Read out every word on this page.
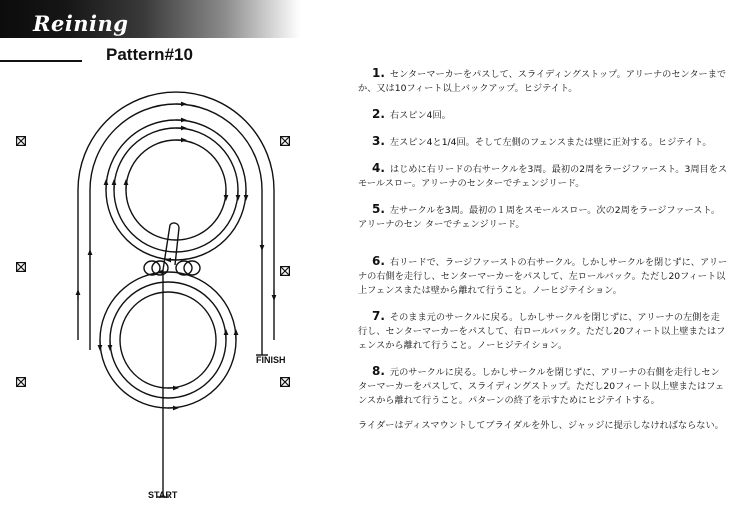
Reining
Pattern#10
FINISH
START
1. センターマーカーをパスして、スライディングストップ。アリーナのセンターまでか、又は10フィート以上バックアップ。ヒジテイト。
2. 右スピン4回。
3. 左スピン4と1/4回。そして左側のフェンスまたは壁に正対する。ヒジテイト。
4. はじめに右リードの右サークルを3周。最初の2周をラージファースト。3周目をスモールスロー。アリーナのセンターでチェンジリード。
5. 左サークルを3周。最初の１周をスモールスロー。次の2周をラージファースト。アリーナのセン ターでチェンジリード。
6. 右リードで、ラージファーストの右サークル。しかしサークルを閉じずに、アリーナの右側を走行し、センターマーカーをパスして、左ロールバック。ただし20フィート以上フェンスまたは壁から離れて行うこと。ノーヒジテイション。
7. そのまま元のサークルに戻る。しかしサークルを閉じずに、アリーナの左側を走行し、センターマーカーをパスして、右ロールバック。ただし20フィート以上壁またはフェンスから離れて行うこと。ノーヒジテイション。
8. 元のサークルに戻る。しかしサークルを閉じずに、アリーナの右側を走行しセンターマーカーをパスして、スライディングストップ。ただし20フィート以上壁またはフェンスから離れて行うこと。パターンの終了を示すためにヒジテイトする。
ライダーはディスマウントしてブライダルを外し、ジャッジに提示しなければならない。
